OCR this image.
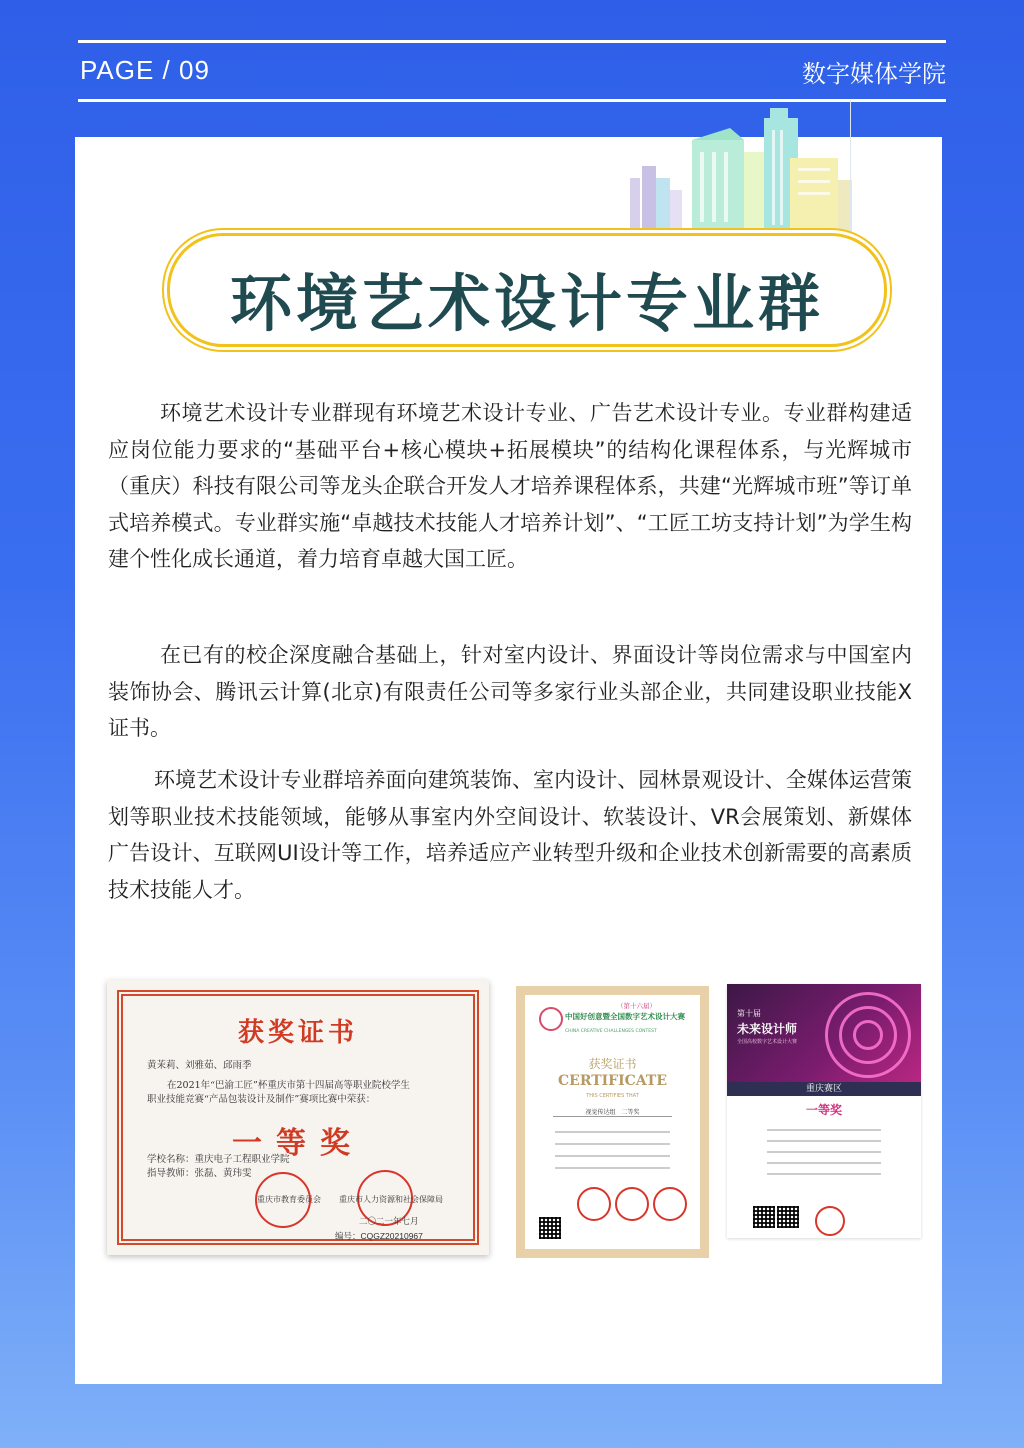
PAGE / 09	数字媒体学院
环境艺术设计专业群

环境艺术设计专业群现有环境艺术设计专业、广告艺术设计专业。专业群构建适应岗位能力要求的“基础平台+核心模块+拓展模块”的结构化课程体系，与光辉城市（重庆）科技有限公司等龙头企联合开发人才培养课程体系，共建“光辉城市班”等订单式培养模式。专业群实施“卓越技术技能人才培养计划”、“工匠工坊支持计划”为学生构建个性化成长通道，着力培育卓越大国工匠。

在已有的校企深度融合基础上，针对室内设计、界面设计等岗位需求与中国室内装饰协会、腾讯云计算(北京)有限责任公司等多家行业头部企业，共同建设职业技能X证书。

环境艺术设计专业群培养面向建筑装饰、室内设计、园林景观设计、全媒体运营策划等职业技术技能领域，能够从事室内外空间设计、软装设计、VR会展策划、新媒体广告设计、互联网UI设计等工作，培养适应产业转型升级和企业技术创新需要的高素质技术技能人才。

获奖证书
黄茉莉、刘雅茹、邱雨季
在2021年“巴渝工匠”杯重庆市第十四届高等职业院校学生
职业技能竞赛“产品包装设计及制作”赛项比赛中荣获：
一等奖
学校名称：重庆电子工程职业学院
指导教师：张磊、黄玮雯
重庆市教育委员会	重庆市人力资源和社会保障局
二〇二一年七月
编号：CQGZ20210967
中国好创意暨全国数字艺术设计大赛
（第十六届）
CHINA CREATIVE CHALLENGES CONTEST
获奖证书
CERTIFICATE
THIS CERTIFIES THAT
视觉传达组　二等奖
第十届
未来设计师
全国高校数字艺术设计大赛
重庆赛区
一等奖
